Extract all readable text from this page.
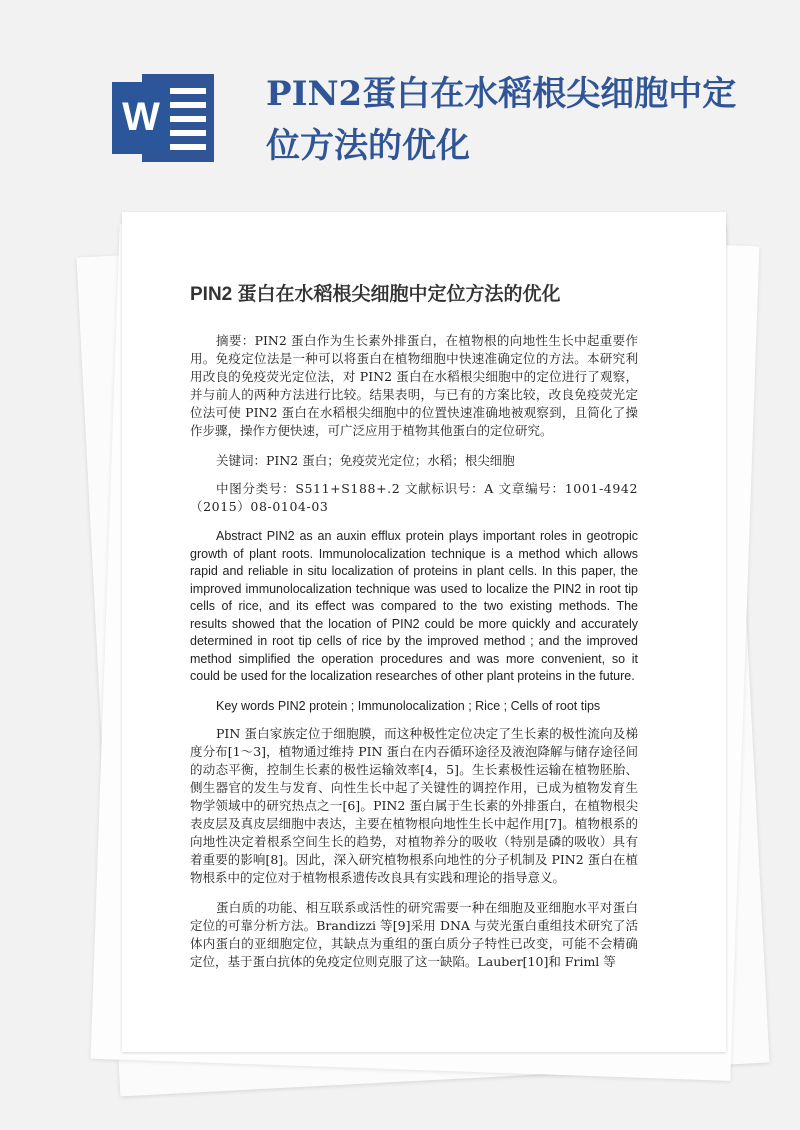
W
PIN2蛋白在水稻根尖细胞中定位方法的优化
PIN2 蛋白在水稻根尖细胞中定位方法的优化

摘要：PIN2 蛋白作为生长素外排蛋白，在植物根的向地性生长中起重要作用。免疫定位法是一种可以将蛋白在植物细胞中快速准确定位的方法。本研究利用改良的免疫荧光定位法，对 PIN2 蛋白在水稻根尖细胞中的定位进行了观察，并与前人的两种方法进行比较。结果表明，与已有的方案比较，改良免疫荧光定位法可使 PIN2 蛋白在水稻根尖细胞中的位置快速准确地被观察到，且简化了操作步骤，操作方便快速，可广泛应用于植物其他蛋白的定位研究。

关键词：PIN2 蛋白；免疫荧光定位；水稻；根尖细胞

中图分类号：S511+S188+.2 文献标识号：A 文章编号：1001-4942（2015）08-0104-03

Abstract PIN2 as an auxin efflux protein plays important roles in geotropic growth of plant roots. Immunolocalization technique is a method which allows rapid and reliable in situ localization of proteins in plant cells. In this paper, the improved immunolocalization technique was used to localize the PIN2 in root tip cells of rice, and its effect was compared to the two existing methods. The results showed that the location of PIN2 could be more quickly and accurately determined in root tip cells of rice by the improved method ; and the improved method simplified the operation procedures and was more convenient, so it could be used for the localization researches of other plant proteins in the future.

Key words PIN2 protein ; Immunolocalization ; Rice ; Cells of root tips

PIN 蛋白家族定位于细胞膜，而这种极性定位决定了生长素的极性流向及梯度分布[1～3]，植物通过维持 PIN 蛋白在内吞循环途径及液泡降解与储存途径间的动态平衡，控制生长素的极性运输效率[4，5]。生长素极性运输在植物胚胎、侧生器官的发生与发育、向性生长中起了关键性的调控作用，已成为植物发育生物学领域中的研究热点之一[6]。PIN2 蛋白属于生长素的外排蛋白，在植物根尖表皮层及真皮层细胞中表达，主要在植物根向地性生长中起作用[7]。植物根系的向地性决定着根系空间生长的趋势，对植物养分的吸收（特别是磷的吸收）具有着重要的影响[8]。因此，深入研究植物根系向地性的分子机制及 PIN2 蛋白在植物根系中的定位对于植物根系遗传改良具有实践和理论的指导意义。

蛋白质的功能、相互联系或活性的研究需要一种在细胞及亚细胞水平对蛋白定位的可靠分析方法。Brandizzi 等[9]采用 DNA 与荧光蛋白重组技术研究了活体内蛋白的亚细胞定位，其缺点为重组的蛋白质分子特性已改变，可能不会精确定位，基于蛋白抗体的免疫定位则克服了这一缺陷。Lauber[10]和 Friml 等
